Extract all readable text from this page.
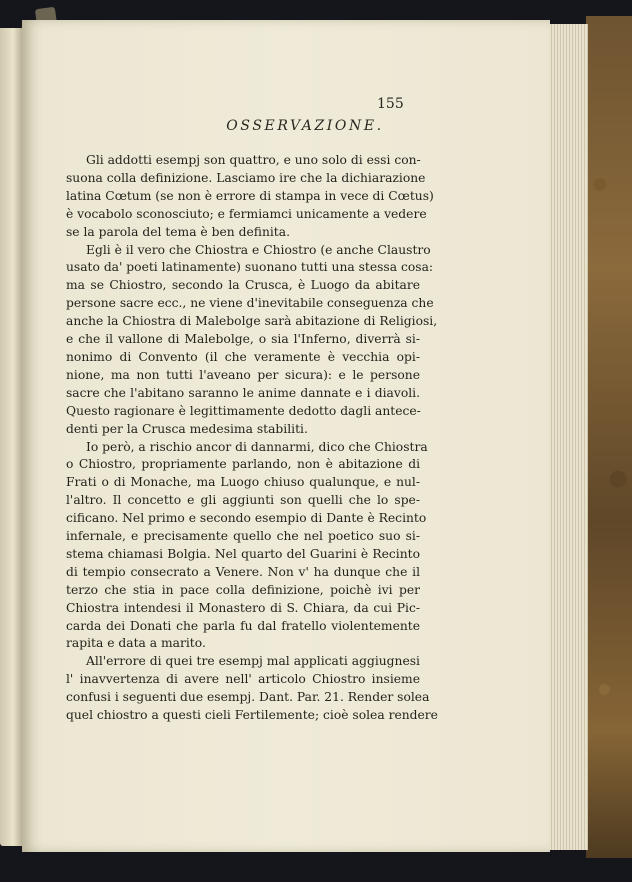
155
OSSERVAZIONE.
Gli addotti esempj son quattro, e uno solo di essi con-
suona colla definizione. Lasciamo ire che la dichiarazione
latina Cœtum (se non è errore di stampa in vece di Cœtus)
è vocabolo sconosciuto; e fermiamci unicamente a vedere
se la parola del tema è ben definita.
Egli è il vero che Chiostra e Chiostro (e anche Claustro
usato da' poeti latinamente) suonano tutti una stessa cosa:
ma se Chiostro, secondo la Crusca, è Luogo da abitare
persone sacre ecc., ne viene d'inevitabile conseguenza che
anche la Chiostra di Malebolge sarà abitazione di Religiosi,
e che il vallone di Malebolge, o sia l'Inferno, diverrà si-
nonimo di Convento (il che veramente è vecchia opi-
nione, ma non tutti l'aveano per sicura): e le persone
sacre che l'abitano saranno le anime dannate e i diavoli.
Questo ragionare è legittimamente dedotto dagli antece-
denti per la Crusca medesima stabiliti.
Io però, a rischio ancor di dannarmi, dico che Chiostra
o Chiostro, propriamente parlando, non è abitazione di
Frati o di Monache, ma Luogo chiuso qualunque, e nul-
l'altro. Il concetto e gli aggiunti son quelli che lo spe-
cificano. Nel primo e secondo esempio di Dante è Recinto
infernale, e precisamente quello che nel poetico suo si-
stema chiamasi Bolgia. Nel quarto del Guarini è Recinto
di tempio consecrato a Venere. Non v' ha dunque che il
terzo che stia in pace colla definizione, poichè ivi per
Chiostra intendesi il Monastero di S. Chiara, da cui Pic-
carda dei Donati che parla fu dal fratello violentemente
rapita e data a marito.
All'errore di quei tre esempj mal applicati aggiugnesi
l' inavvertenza di avere nell' articolo Chiostro insieme
confusi i seguenti due esempj. Dant. Par. 21. Render solea
quel chiostro a questi cieli Fertilemente; cioè solea rendere
